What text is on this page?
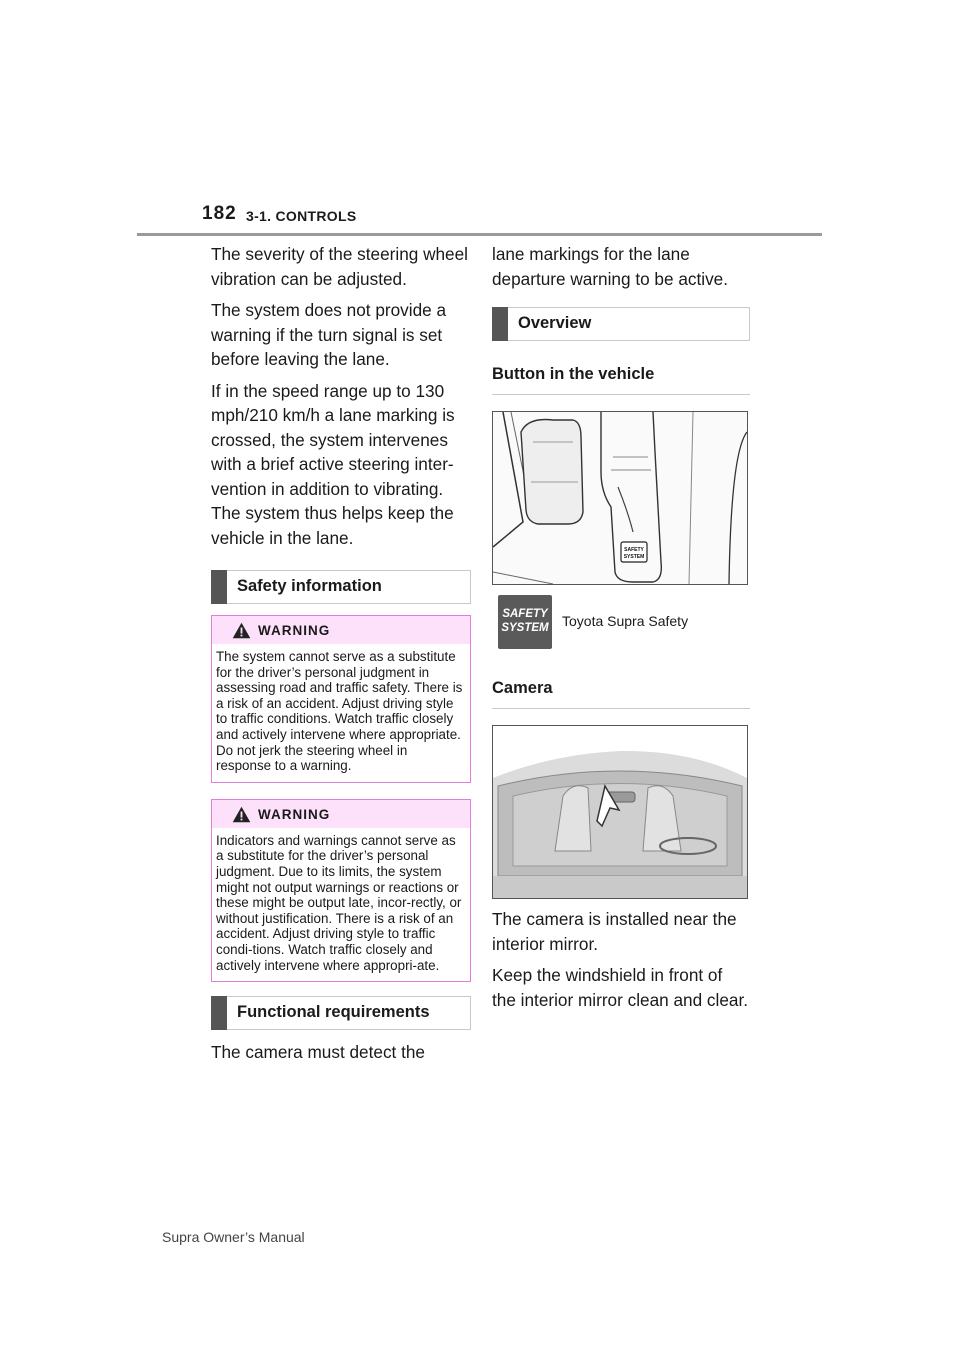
182 3-1. CONTROLS

The severity of the steering wheel vibration can be adjusted.

The system does not provide a warning if the turn signal is set before leaving the lane.

If in the speed range up to 130 mph/210 km/h a lane marking is crossed, the system intervenes with a brief active steering inter-vention in addition to vibrating. The system thus helps keep the vehicle in the lane.

Safety information
WARNING
The system cannot serve as a substitute for the driver’s personal judgment in assessing road and traffic safety. There is a risk of an accident. Adjust driving style to traffic conditions. Watch traffic closely and actively intervene where appropriate. Do not jerk the steering wheel in response to a warning.
WARNING
Indicators and warnings cannot serve as a substitute for the driver’s personal judgment. Due to its limits, the system might not output warnings or reactions or these might be output late, incor-rectly, or without justification. There is a risk of an accident. Adjust driving style to traffic condi-tions. Watch traffic closely and actively intervene where appropri-ate.
Functional requirements

The camera must detect the

lane markings for the lane departure warning to be active.

Overview
Button in the vehicle
SAFETY
SYSTEM
SAFETY SYSTEM Toyota Supra Safety
Camera

The camera is installed near the interior mirror.

Keep the windshield in front of the interior mirror clean and clear.

Supra Owner’s Manual
